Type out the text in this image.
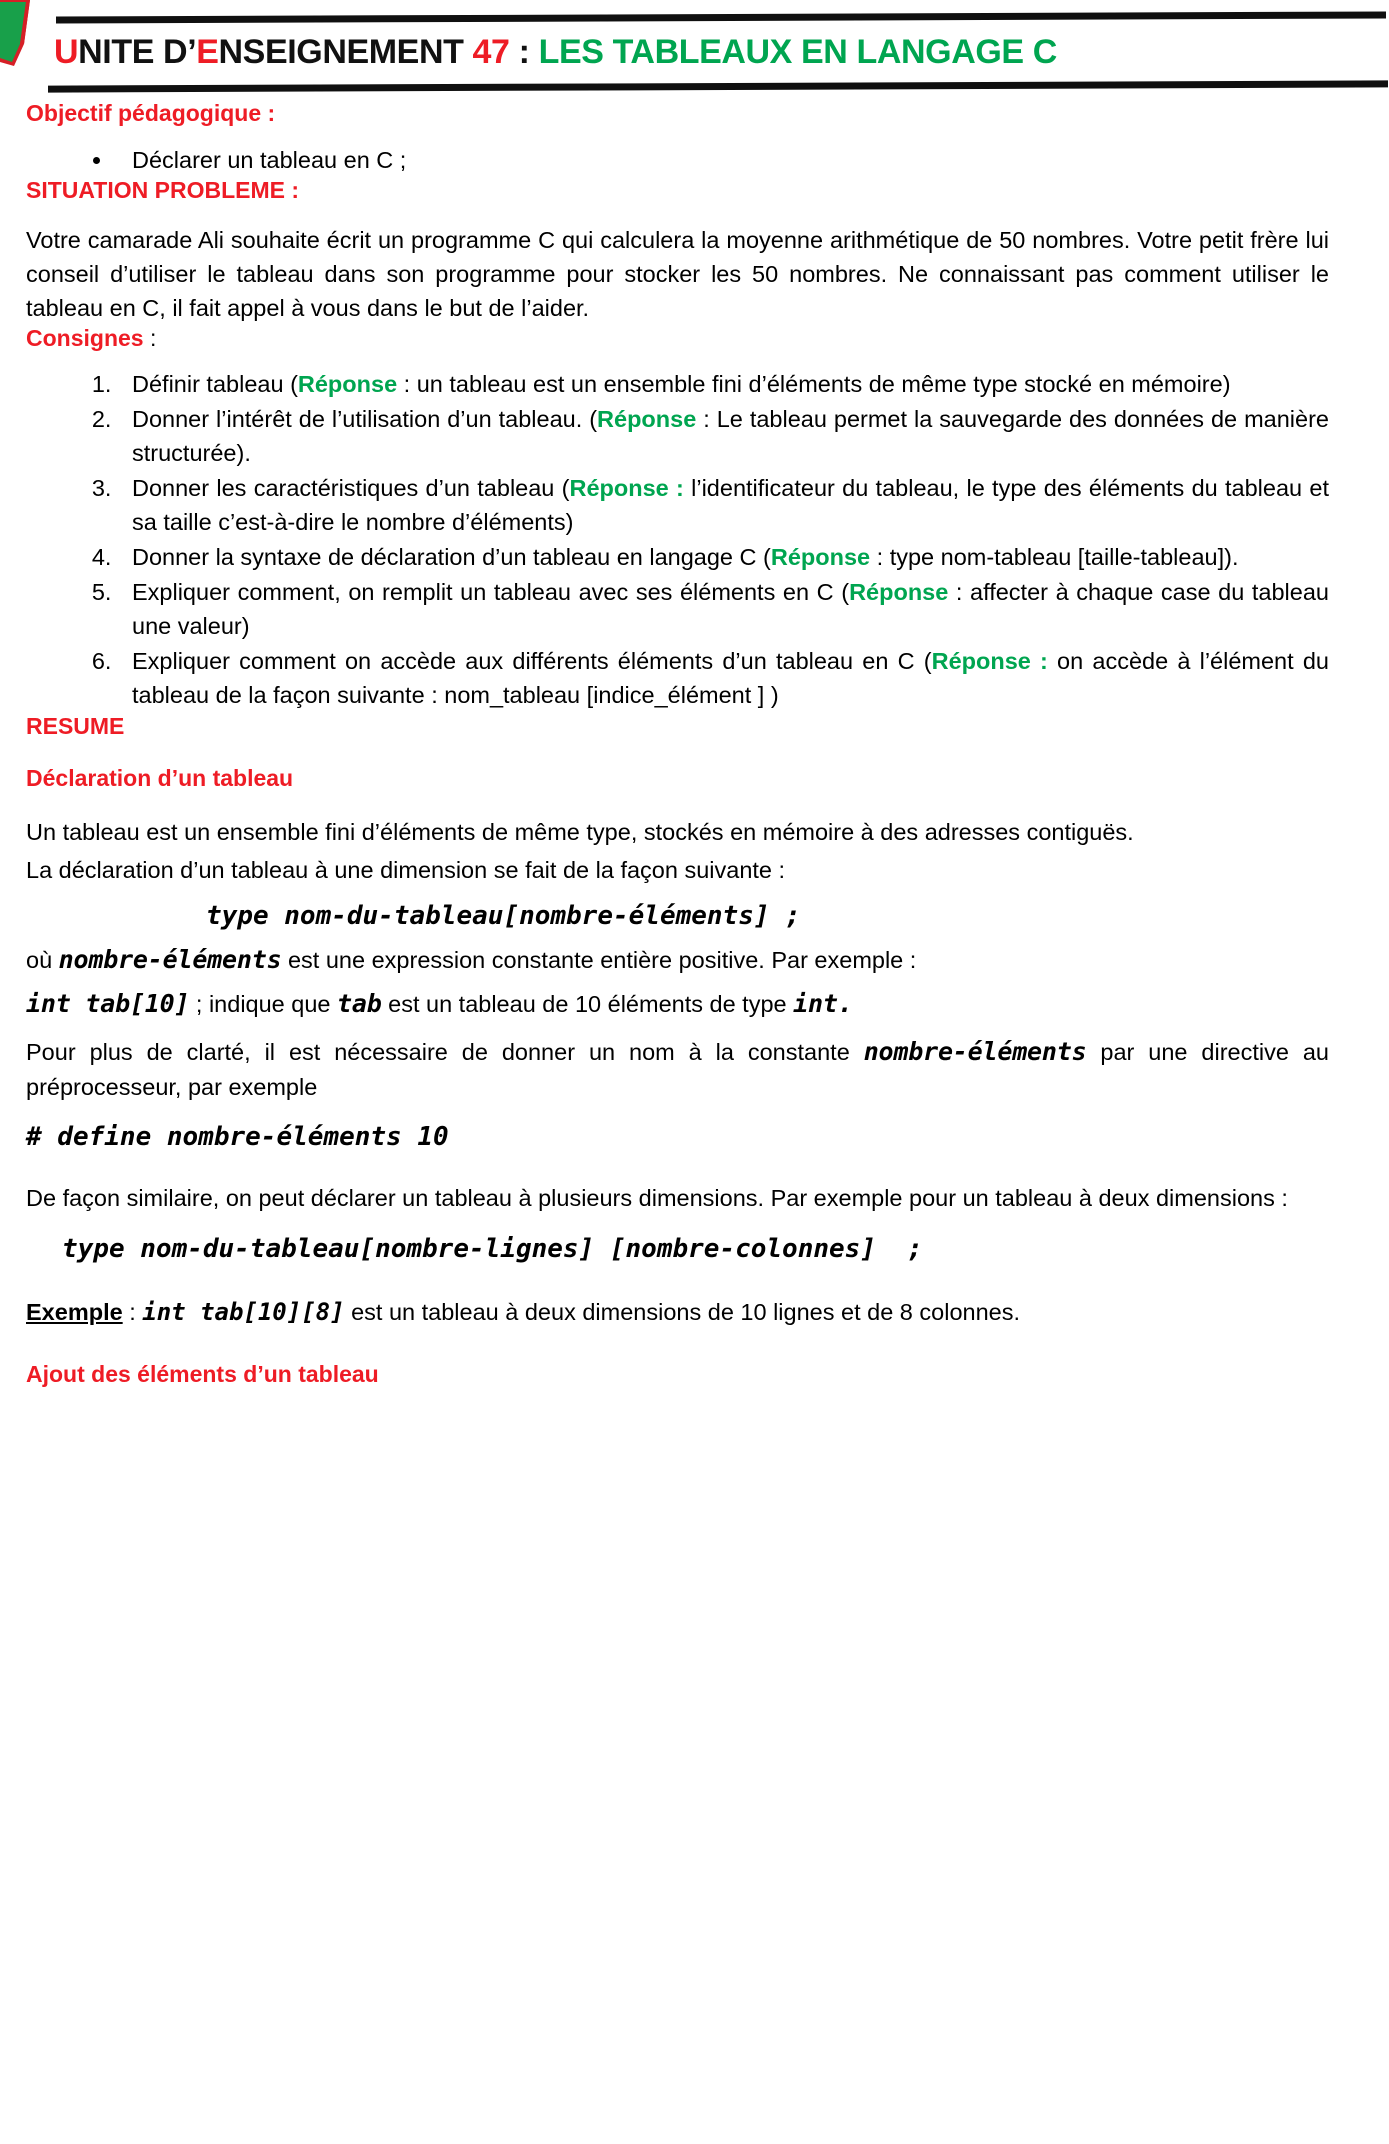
UNITE D’ENSEIGNEMENT 47 : LES TABLEAUX EN LANGAGE C
Objectif pédagogique :
• Déclarer un tableau en C ;
SITUATION PROBLEME :

Votre camarade Ali souhaite écrit un programme C qui calculera la moyenne arithmétique de 50 nombres. Votre petit frère lui conseil d’utiliser le tableau dans son programme pour stocker les 50 nombres. Ne connaissant pas comment utiliser le tableau en C, il fait appel à vous dans le but de l’aider.

Consignes :
1. Définir tableau (Réponse : un tableau est un ensemble fini d’éléments de même type stocké en mémoire)
2. Donner l’intérêt de l’utilisation d’un tableau. (Réponse : Le tableau permet la sauvegarde des données de manière structurée).
3. Donner les caractéristiques d’un tableau (Réponse : l’identificateur du tableau, le type des éléments du tableau et sa taille c’est-à-dire le nombre d’éléments)
4. Donner la syntaxe de déclaration d’un tableau en langage C (Réponse : type nom-tableau [taille-tableau]).
5. Expliquer comment, on remplit un tableau avec ses éléments en C (Réponse : affecter à chaque case du tableau une valeur)
6. Expliquer comment on accède aux différents éléments d’un tableau en C (Réponse : on accède à l’élément du tableau de la façon suivante : nom_tableau [indice_élément ] )
RESUME
Déclaration d’un tableau

Un tableau est un ensemble fini d’éléments de même type, stockés en mémoire à des adresses contiguës.

La déclaration d’un tableau à une dimension se fait de la façon suivante :

type nom-du-tableau[nombre-éléments] ;

où nombre-éléments est une expression constante entière positive. Par exemple :

int tab[10] ; indique que tab est un tableau de 10 éléments de type int.

Pour plus de clarté, il est nécessaire de donner un nom à la constante nombre-éléments par une directive au préprocesseur, par exemple

# define nombre-éléments 10

De façon similaire, on peut déclarer un tableau à plusieurs dimensions. Par exemple pour un tableau à deux dimensions :

type nom-du-tableau[nombre-lignes] [nombre-colonnes]  ;

Exemple : int tab[10][8] est un tableau à deux dimensions de 10 lignes et de 8 colonnes.

Ajout des éléments d’un tableau
